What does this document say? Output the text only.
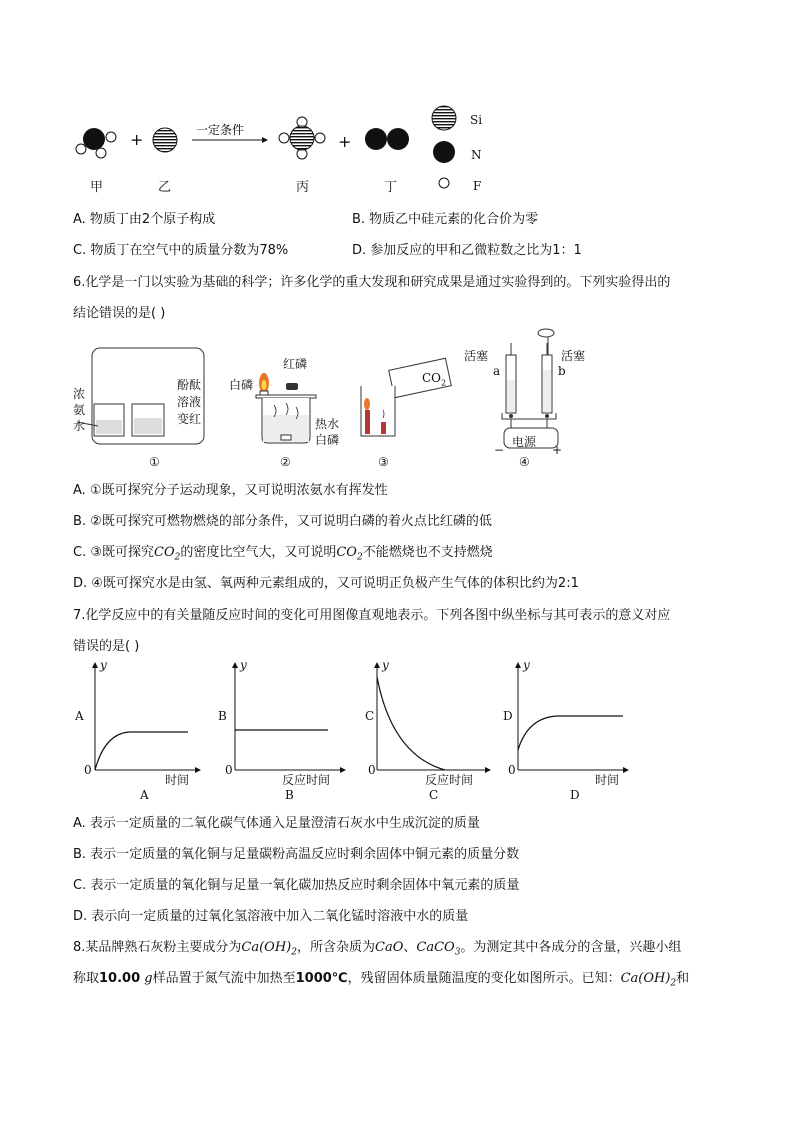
+	一定条件
+
Si
N
F
甲	乙	丙	丁
A. 物质丁由2个原子构成	B. 物质乙中硅元素的化合价为零
C. 物质丁在空气中的质量分数为78%	D. 参加反应的甲和乙微粒数之比为1：1
6.化学是一门以实验为基础的科学；许多化学的重大发现和研究成果是通过实验得到的。下列实验得出的
结论错误的是( )
浓
氨
水
酚酞
溶液
变红
①
白磷
红磷
热水
白磷
②
$CO_2$
③
活塞	活塞
a	b
电源
−	+
④
A. ①既可探究分子运动现象，又可说明浓氨水有挥发性
B. ②既可探究可燃物燃烧的部分条件，又可说明白磷的着火点比红磷的低
C. ③既可探究$CO_2$的密度比空气大，又可说明$CO_2$不能燃烧也不支持燃烧
D. ④既可探究水是由氢、氧两种元素组成的，又可说明正负极产生气体的体积比约为2:1
7.化学反应中的有关量随反应时间的变化可用图像直观地表示。下列各图中纵坐标与其可表示的意义对应
错误的是( )
y
A
0
时间
A
y
B
0
反应时间
B
y
C
0
反应时间
C
y
D
0
时间
D
A. 表示一定质量的二氧化碳气体通入足量澄清石灰水中生成沉淀的质量
B. 表示一定质量的氧化铜与足量碳粉高温反应时剩余固体中铜元素的质量分数
C. 表示一定质量的氧化铜与足量一氧化碳加热反应时剩余固体中氧元素的质量
D. 表示向一定质量的过氧化氢溶液中加入二氧化锰时溶液中水的质量
8.某品牌熟石灰粉主要成分为$Ca(OH)_2$，所含杂质为CaO、CaCO$_3$。为测定其中各成分的含量，兴趣小组
称取10.00 g样品置于氮气流中加热至1000℃，残留固体质量随温度的变化如图所示。已知：$Ca(OH)_2$和
